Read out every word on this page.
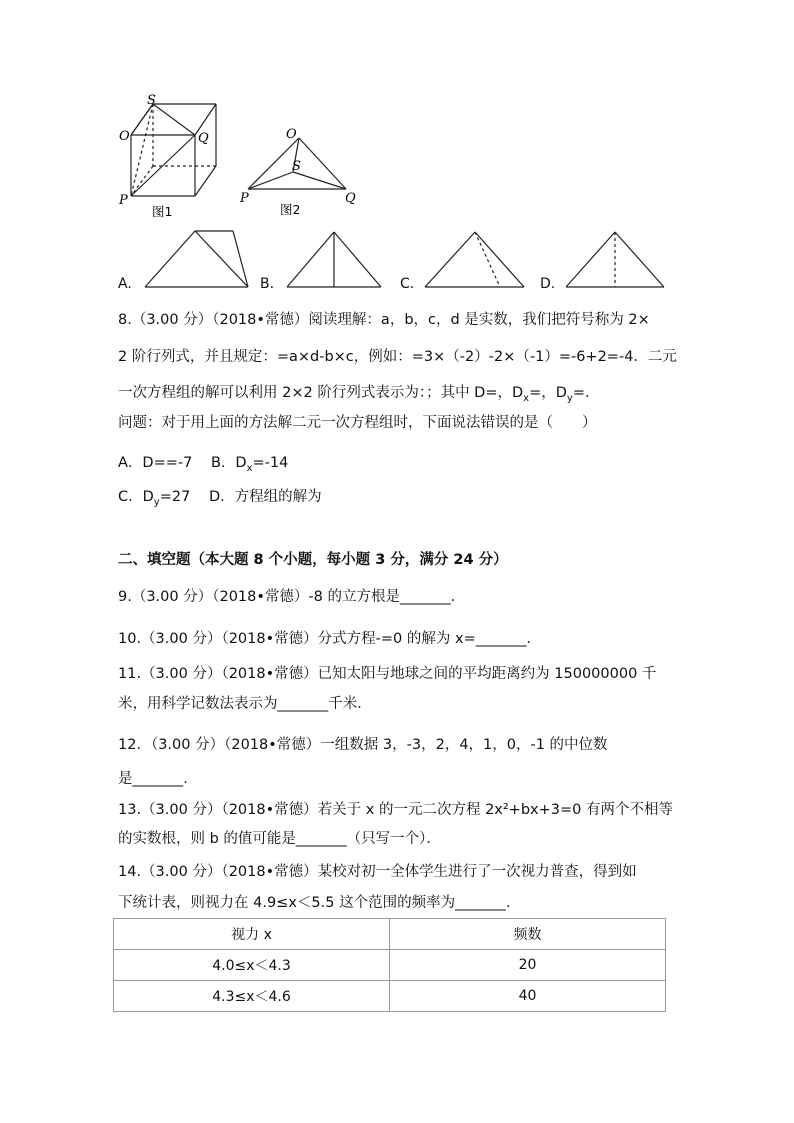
S
O	Q
P
图1
O
S
P	Q
图2
A.	B.	C.	D.
8.（3.00 分）（2018•常德）阅读理解：a，b，c，d 是实数，我们把符号称为 2×
2 阶行列式，并且规定：=a×d-b×c，例如：=3×（-2）-2×（-1）=-6+2=-4．二元
一次方程组的解可以利用 2×2 阶行列式表示为：；其中 D=，$D_x=$，$D_y=$．
问题：对于用上面的方法解二元一次方程组时，下面说法错误的是（　　）
A．D==-7 B．$D_x=-14$
C．$D_y=27$ D．方程组的解为
二、填空题（本大题 8 个小题，每小题 3 分，满分 24 分）
9.（3.00 分）（2018•常德）-8 的立方根是_______．
10.（3.00 分）（2018•常德）分式方程-=0 的解为 x=_______．
11.（3.00 分）（2018•常德）已知太阳与地球之间的平均距离约为 150000000 千
米，用科学记数法表示为_______千米．
12．（3.00 分）（2018•常德）一组数据 3，-3，2，4，1，0，-1 的中位数
是_______．
13.（3.00 分）（2018•常德）若关于 x 的一元二次方程 2x²+bx+3=0 有两个不相等
的实数根，则 b 的值可能是_______（只写一个）．
14.（3.00 分）（2018•常德）某校对初一全体学生进行了一次视力普查，得到如
下统计表，则视力在 4.9≤x＜5.5 这个范围的频率为_______．
视力 x	频数
4.0≤x＜4.3	20
4.3≤x＜4.6	40
